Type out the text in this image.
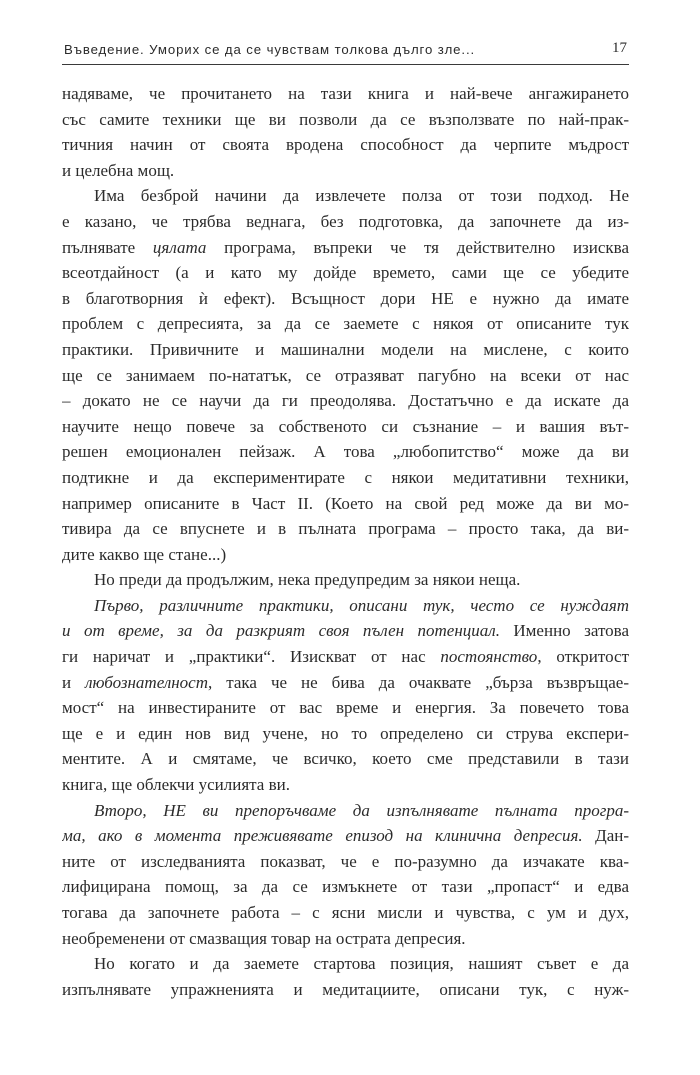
Въведение. Уморих се да се чувствам толкова дълго зле...	17
надяваме, че прочитането на тази книга и най-вече ангажирането
със самите техники ще ви позволи да се възползвате по най-прак-
тичния начин от своята вродена способност да черпите мъдрост
и целебна мощ.
Има безброй начини да извлечете полза от този подход. Не
е казано, че трябва веднага, без подготовка, да започнете да из-
пълнявате цялата програма, въпреки че тя действително изисква
всеотдайност (а и като му дойде времето, сами ще се убедите
в благотворния ѝ ефект). Всъщност дори НЕ е нужно да имате
проблем с депресията, за да се заемете с някоя от описаните тук
практики. Привичните и машинални модели на мислене, с които
ще се занимаем по-нататък, се отразяват пагубно на всеки от нас
– докато не се научи да ги преодолява. Достатъчно е да искате да
научите нещо повече за собственото си съзнание – и вашия вът-
решен емоционален пейзаж. А това „любопитство“ може да ви
подтикне и да експериментирате с някои медитативни техники,
например описаните в Част II. (Което на свой ред може да ви мо-
тивира да се впуснете и в пълната програма – просто така, да ви-
дите какво ще стане...)
Но преди да продължим, нека предупредим за някои неща.
Първо, различните практики, описани тук, често се нуждаят
и от време, за да разкрият своя пълен потенциал. Именно затова
ги наричат и „практики“. Изискват от нас постоянство, откритост
и любознателност, така че не бива да очаквате „бърза възвръщае-
мост“ на инвестираните от вас време и енергия. За повечето това
ще е и един нов вид учене, но то определено си струва експери-
ментите. А и смятаме, че всичко, което сме представили в тази
книга, ще облекчи усилията ви.
Второ, НЕ ви препоръчваме да изпълнявате пълната програ-
ма, ако в момента преживявате епизод на клинична депресия. Дан-
ните от изследванията показват, че е по-разумно да изчакате ква-
лифицирана помощ, за да се измъкнете от тази „пропаст“ и едва
тогава да започнете работа – с ясни мисли и чувства, с ум и дух,
необременени от смазващия товар на острата депресия.
Но когато и да заемете стартова позиция, нашият съвет е да
изпълнявате упражненията и медитациите, описани тук, с нуж-
